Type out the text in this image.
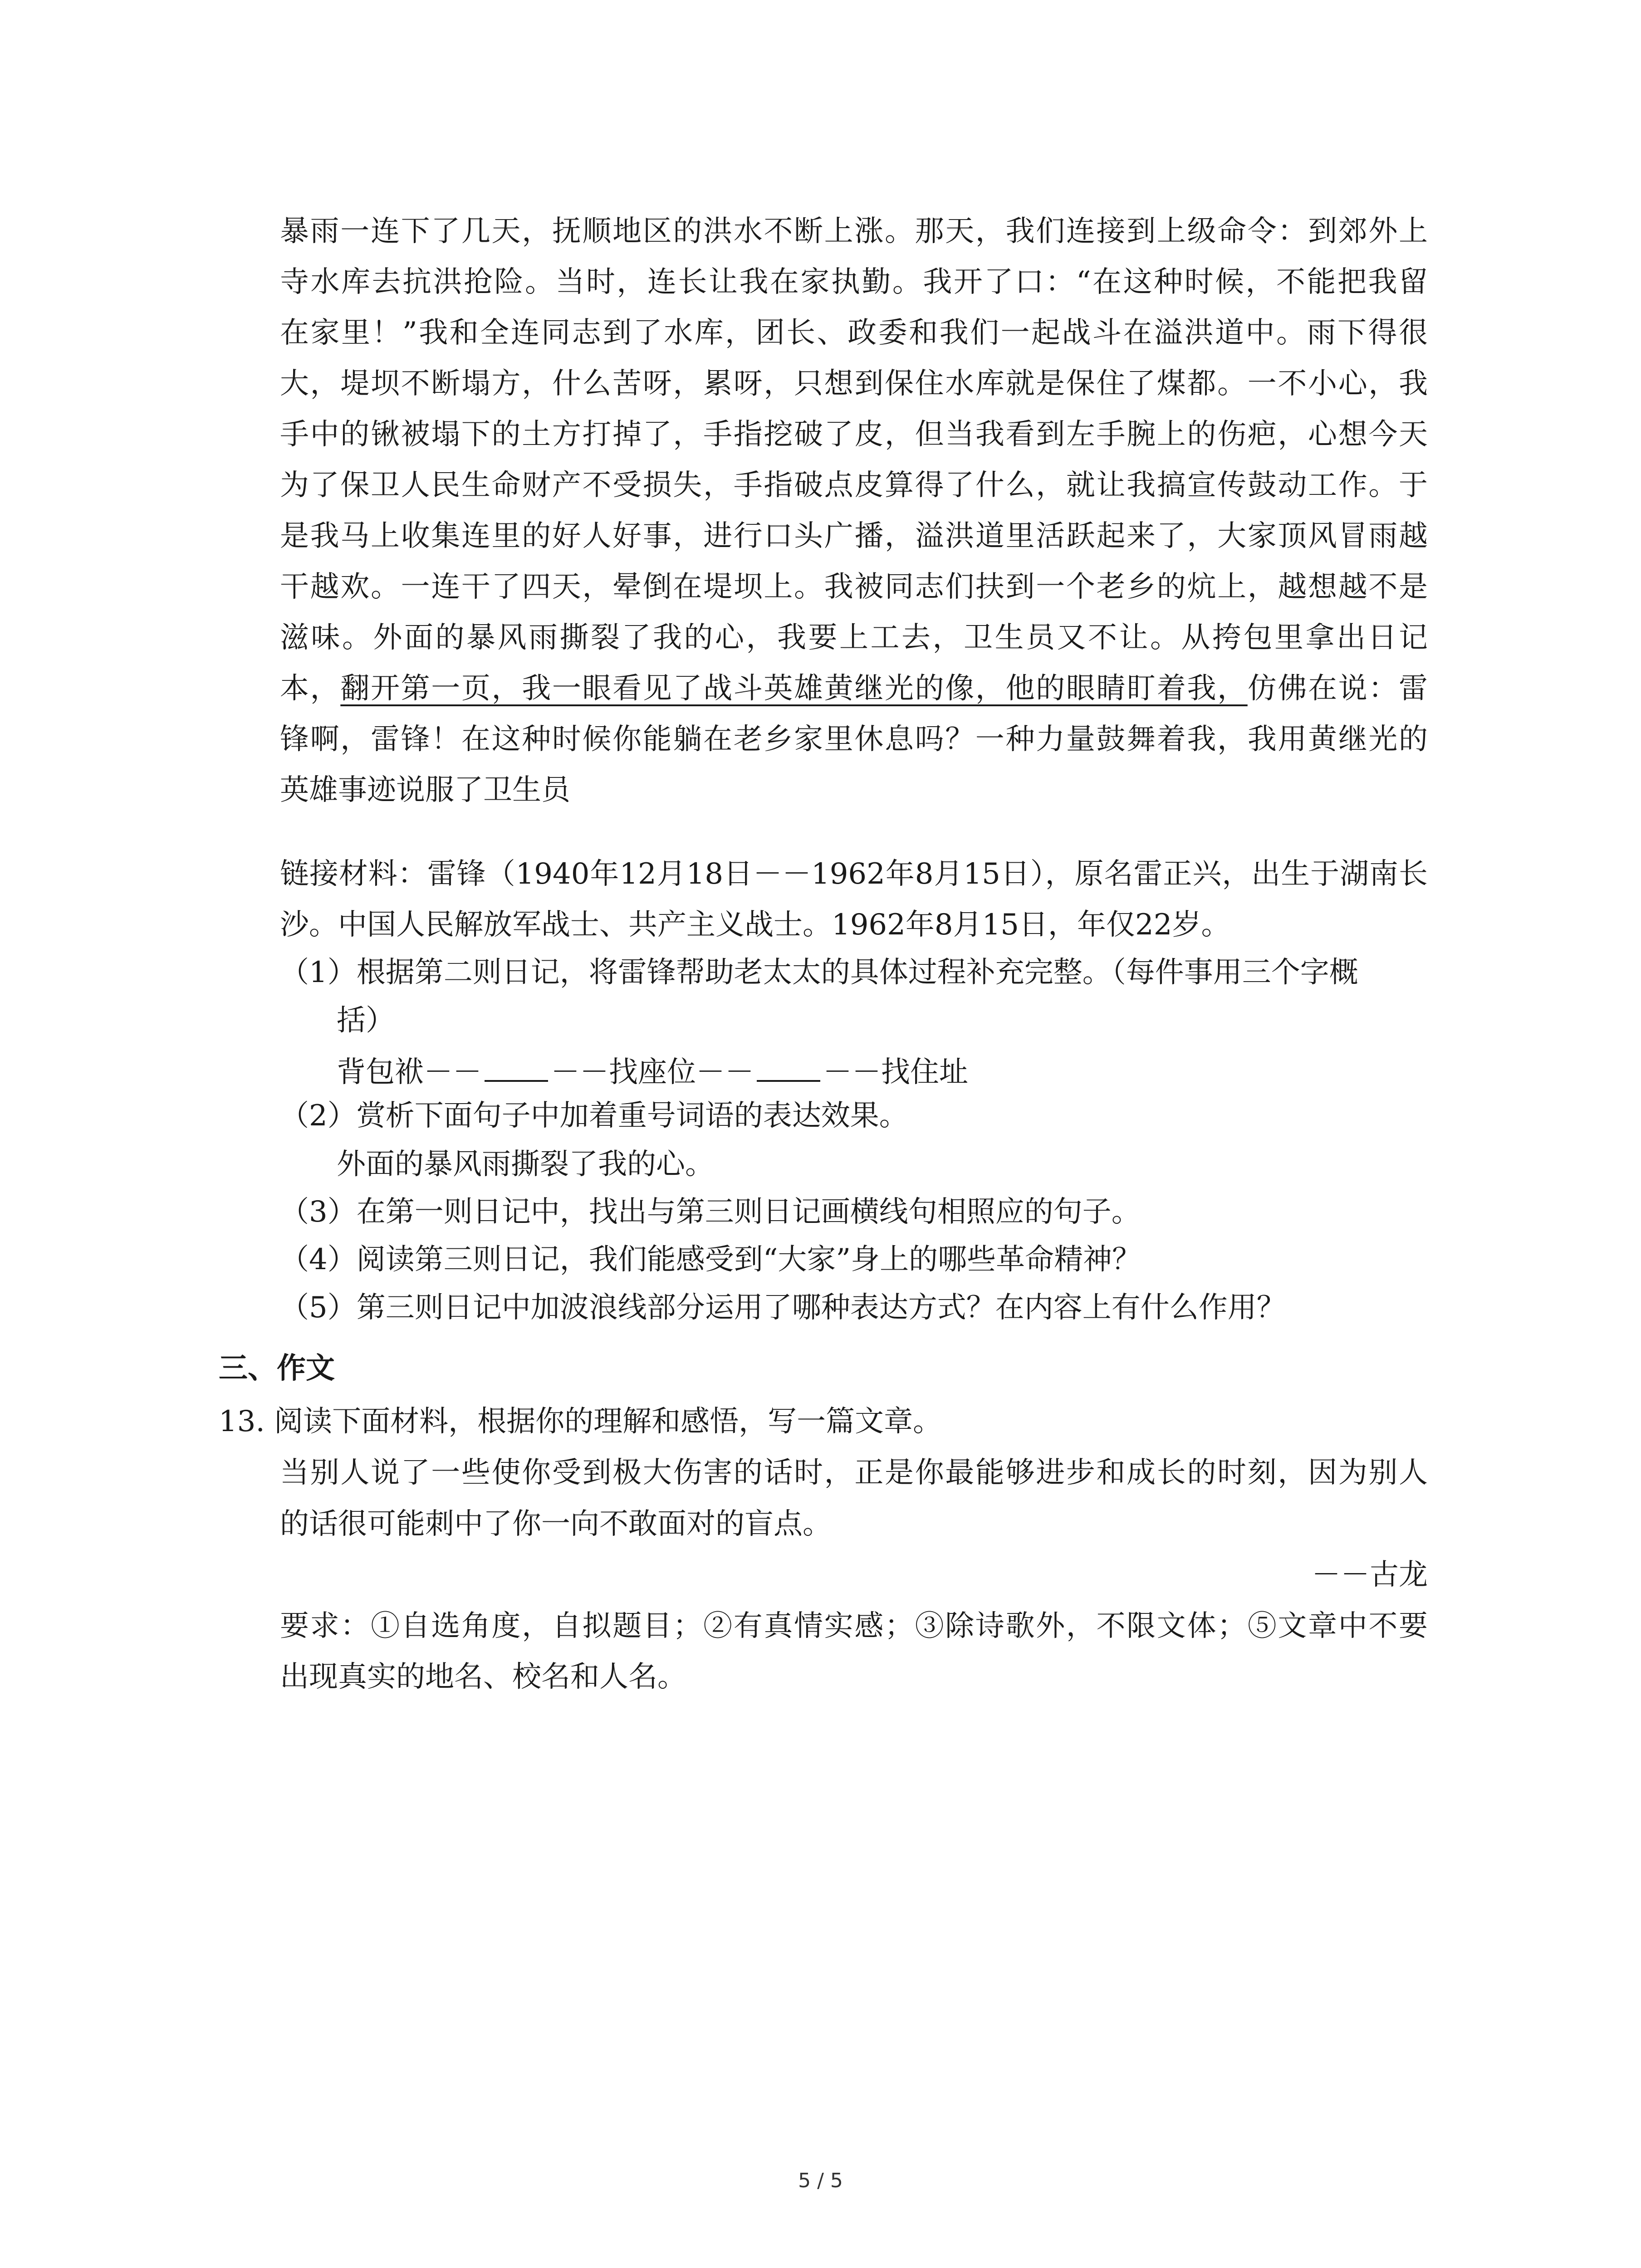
暴雨一连下了几天，抚顺地区的洪水不断上涨。那天，我们连接到上级命令：到郊外上
寺水库去抗洪抢险。当时，连长让我在家执勤。我开了口：“在这种时候，不能把我留
在家里！”我和全连同志到了水库，团长、政委和我们一起战斗在溢洪道中。雨下得很
大，堤坝不断塌方，什么苦呀，累呀，只想到保住水库就是保住了煤都。一不小心，我
手中的锹被塌下的土方打掉了，手指挖破了皮，但当我看到左手腕上的伤疤，心想今天
为了保卫人民生命财产不受损失，手指破点皮算得了什么，就让我搞宣传鼓动工作。于
是我马上收集连里的好人好事，进行口头广播，溢洪道里活跃起来了，大家顶风冒雨越
干越欢。一连干了四天，晕倒在堤坝上。我被同志们扶到一个老乡的炕上，越想越不是
滋味。外面的暴风雨撕裂了我的心，我要上工去，卫生员又不让。从挎包里拿出日记
本，翻开第一页，我一眼看见了战斗英雄黄继光的像，他的眼睛盯着我，仿佛在说：雷
锋啊，雷锋！在这种时候你能躺在老乡家里休息吗？一种力量鼓舞着我，我用黄继光的
英雄事迹说服了卫生员
链接材料：雷锋（1940年12月18日－－1962年8月15日），原名雷正兴，出生于湖南长
沙。中国人民解放军战士、共产主义战士。1962年8月15日，年仅22岁。
（1）根据第二则日记，将雷锋帮助老太太的具体过程补充完整。（每件事用三个字概
括）
背包袱－－ －－找座位－－ －－找住址
（2）赏析下面句子中加着重号词语的表达效果。
外面的暴风雨撕裂了我的心。
（3）在第一则日记中，找出与第三则日记画横线句相照应的句子。
（4）阅读第三则日记，我们能感受到“大家”身上的哪些革命精神？
（5）第三则日记中加波浪线部分运用了哪种表达方式？在内容上有什么作用？
三、作文
13. 阅读下面材料，根据你的理解和感悟，写一篇文章。
当别人说了一些使你受到极大伤害的话时，正是你最能够进步和成长的时刻，因为别人
的话很可能刺中了你一向不敢面对的盲点。
－－古龙
要求：①自选角度，自拟题目；②有真情实感；③除诗歌外，不限文体；⑤文章中不要
出现真实的地名、校名和人名。
5 / 5
